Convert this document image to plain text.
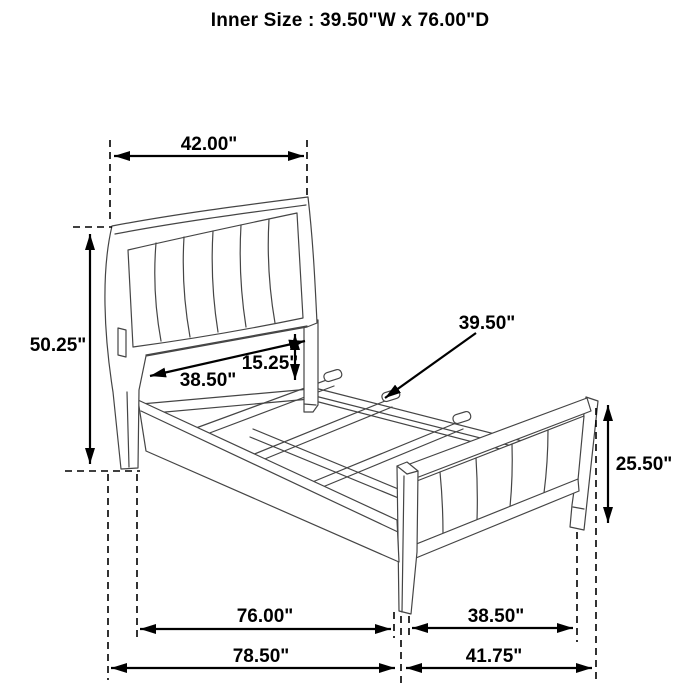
Inner Size : 39.50"W x 76.00"D
42.00"
50.25"
38.50"
15.25"
39.50"
25.50"
76.00"	38.50"
78.50"	41.75"
